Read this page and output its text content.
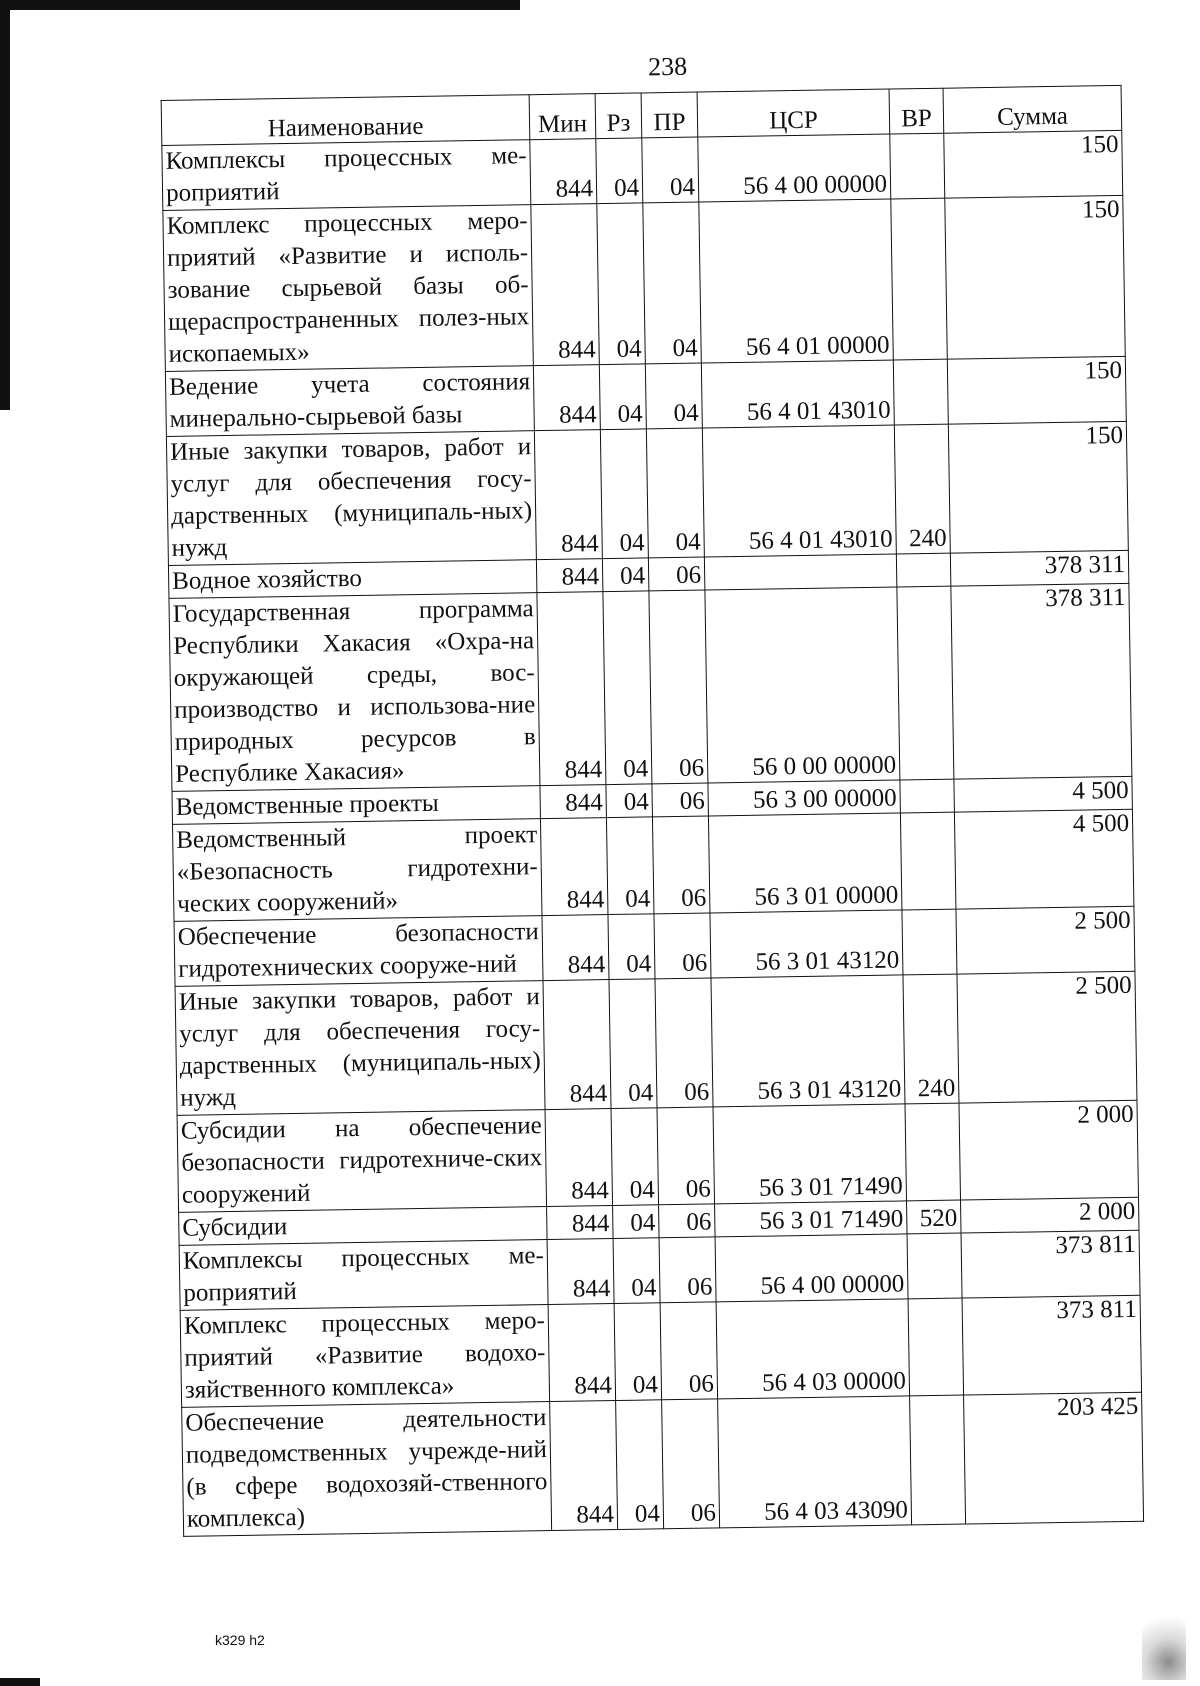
238
Наименование	Мин	Рз	ПР	ЦСР	ВР	Сумма
Комплексы процессных ме-роприятий	844	04	04	56 4 00 00000		150
Комплекс процессных меро-приятий «Развитие и исполь-зование сырьевой базы об-щераспространенных полез-ных ископаемых»	844	04	04	56 4 01 00000		150
Ведение учета состояния минерально-сырьевой базы	844	04	04	56 4 01 43010		150
Иные закупки товаров, работ и услуг для обеспечения госу-дарственных (муниципаль-ных) нужд	844	04	04	56 4 01 43010	240	150
Водное хозяйство	844	04	06			378 311
Государственная программа Республики Хакасия «Охра-на окружающей среды, вос-производство и использова-ние природных ресурсов в Республике Хакасия»	844	04	06	56 0 00 00000		378 311
Ведомственные проекты	844	04	06	56 3 00 00000		4 500
Ведомственный проект «Безопасность гидротехни-ческих сооружений»	844	04	06	56 3 01 00000		4 500
Обеспечение безопасности гидротехнических сооруже-ний	844	04	06	56 3 01 43120		2 500
Иные закупки товаров, работ и услуг для обеспечения госу-дарственных (муниципаль-ных) нужд	844	04	06	56 3 01 43120	240	2 500
Субсидии на обеспечение безопасности гидротехниче-ских сооружений	844	04	06	56 3 01 71490		2 000
Субсидии	844	04	06	56 3 01 71490	520	2 000
Комплексы процессных ме-роприятий	844	04	06	56 4 00 00000		373 811
Комплекс процессных меро-приятий «Развитие водохо-зяйственного комплекса»	844	04	06	56 4 03 00000		373 811
Обеспечение деятельности подведомственных учрежде-ний (в сфере водохозяй-ственного комплекса)	844	04	06	56 4 03 43090		203 425
k329 h2
